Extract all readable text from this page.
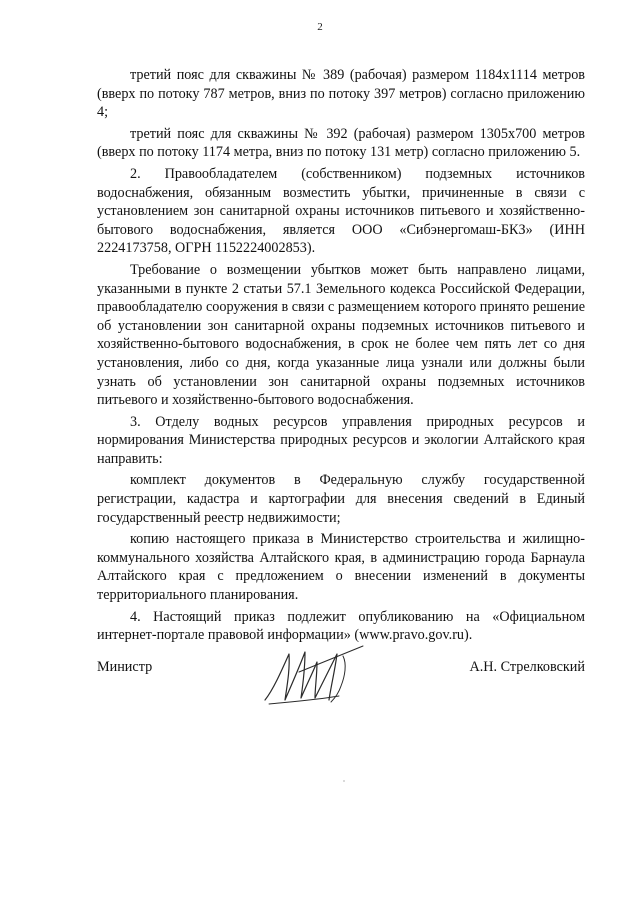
2

третий пояс для скважины № 389 (рабочая) размером 1184х1114 метров (вверх по потоку 787 метров, вниз по потоку 397 метров) согласно приложению 4;

третий пояс для скважины № 392 (рабочая) размером 1305х700 метров (вверх по потоку 1174 метра, вниз по потоку 131 метр) согласно приложению 5.

2. Правообладателем (собственником) подземных источников водоснабжения, обязанным возместить убытки, причиненные в связи с установлением зон санитарной охраны источников питьевого и хозяйственно-бытового водоснабжения, является ООО «Сибэнергомаш-БКЗ» (ИНН 2224173758, ОГРН 1152224002853).

Требование о возмещении убытков может быть направлено лицами, указанными в пункте 2 статьи 57.1 Земельного кодекса Российской Федерации, правообладателю сооружения в связи с размещением которого принято решение об установлении зон санитарной охраны подземных источников питьевого и хозяйственно-бытового водоснабжения, в срок не более чем пять лет со дня установления, либо со дня, когда указанные лица узнали или должны были узнать об установлении зон санитарной охраны подземных источников питьевого и хозяйственно-бытового водоснабжения.

3. Отделу водных ресурсов управления природных ресурсов и нормирования Министерства природных ресурсов и экологии Алтайского края направить:

комплект документов в Федеральную службу государственной регистрации, кадастра и картографии для внесения сведений в Единый государственный реестр недвижимости;

копию настоящего приказа в Министерство строительства и жилищно-коммунального хозяйства Алтайского края, в администрацию города Барнаула Алтайского края с предложением о внесении изменений в документы территориального планирования.

4. Настоящий приказ подлежит опубликованию на «Официальном интернет-портале правовой информации» (www.pravo.gov.ru).

Министр	А.Н. Стрелковский
